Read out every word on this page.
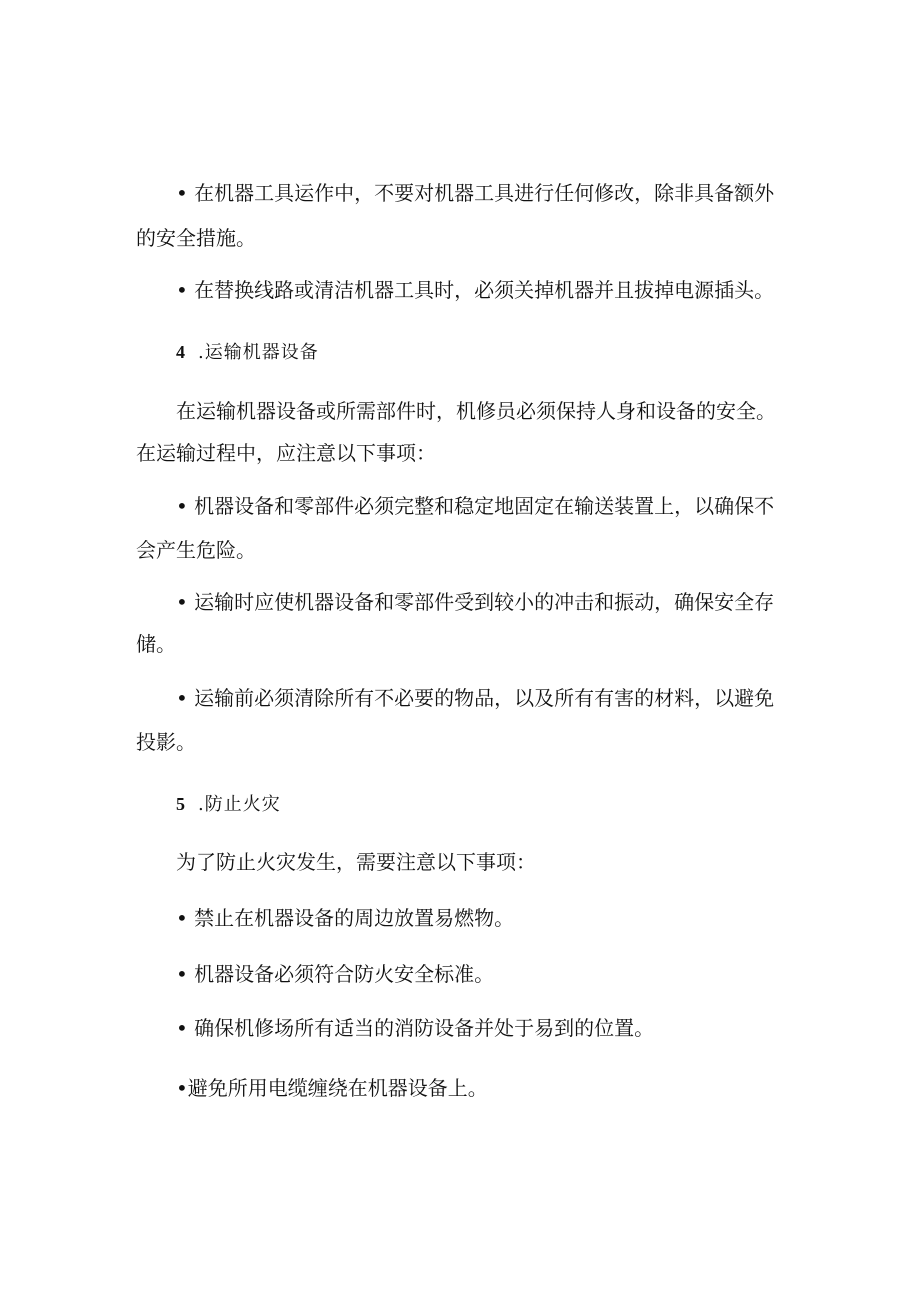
• 在机器工具运作中，不要对机器工具进行任何修改，除非具备额外
的安全措施。
• 在替换线路或清洁机器工具时，必须关掉机器并且拔掉电源插头。
4 .运输机器设备
在运输机器设备或所需部件时，机修员必须保持人身和设备的安全。
在运输过程中，应注意以下事项：
• 机器设备和零部件必须完整和稳定地固定在输送装置上，以确保不
会产生危险。
• 运输时应使机器设备和零部件受到较小的冲击和振动，确保安全存
储。
• 运输前必须清除所有不必要的物品，以及所有有害的材料，以避免
投影。
5 .防止火灾
为了防止火灾发生，需要注意以下事项：
• 禁止在机器设备的周边放置易燃物。
• 机器设备必须符合防火安全标准。
• 确保机修场所有适当的消防设备并处于易到的位置。
•避免所用电缆缠绕在机器设备上。
